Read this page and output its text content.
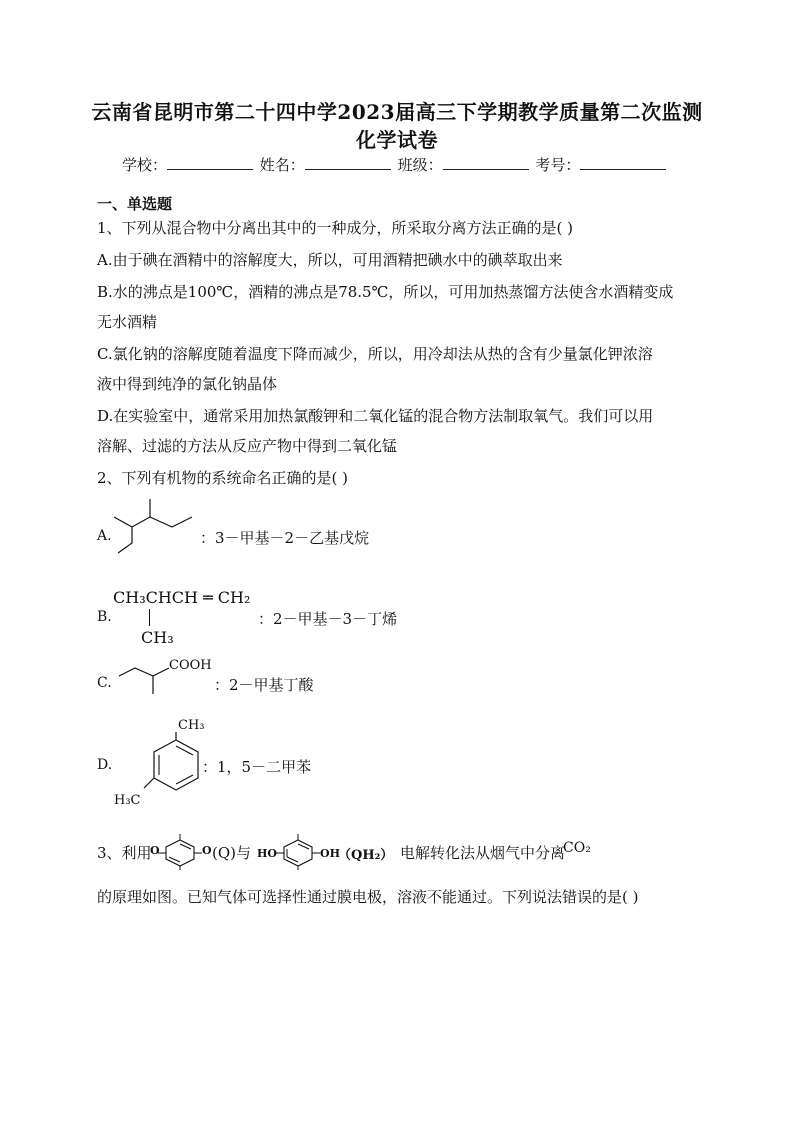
云南省昆明市第二十四中学2023届高三下学期教学质量第二次监测
化学试卷
学校：	姓名：	班级：	考号：
一、单选题
1、下列从混合物中分离出其中的一种成分，所采取分离方法正确的是( )
A.由于碘在酒精中的溶解度大，所以，可用酒精把碘水中的碘萃取出来
B.水的沸点是100℃，酒精的沸点是78.5℃，所以，可用加热蒸馏方法使含水酒精变成
无水酒精
C.氯化钠的溶解度随着温度下降而减少，所以，用冷却法从热的含有少量氯化钾浓溶
液中得到纯净的氯化钠晶体
D.在实验室中，通常采用加热氯酸钾和二氧化锰的混合物方法制取氧气。我们可以用
溶解、过滤的方法从反应产物中得到二氧化锰
2、下列有机物的系统命名正确的是( )
A.	：3－甲基－2－乙基戊烷
B.
CH₃CHCH ═ CH₂
CH₃
：2－甲基－3－丁烯
C.
COOH
：2－甲基丁酸
D.
CH₃
H₃C
：1，5－二甲苯
3、利用
O	O (Q)与 HO	OH
（QH₂） 电解转化法从烟气中分离
CO₂
的原理如图。已知气体可选择性通过膜电极，溶液不能通过。下列说法错误的是( )
